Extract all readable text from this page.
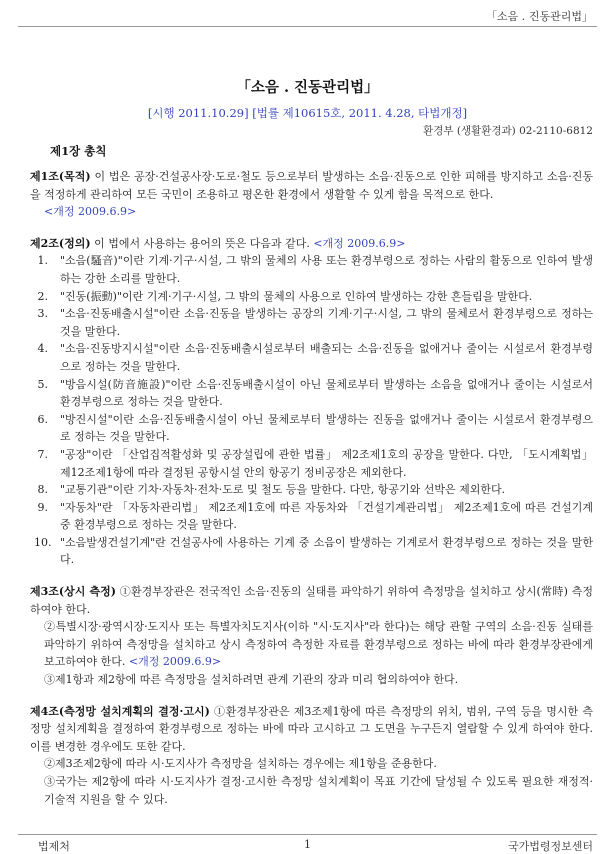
「소음 ․ 진동관리법」
「소음 ․ 진동관리법」
[시행 2011.10.29] [법률 제10615호, 2011. 4.28, 타법개정]
환경부 (생활환경과) 02-2110-6812
제1장 총칙
제1조(목적) 이 법은 공장·건설공사장·도로·철도 등으로부터 발생하는 소음·진동으로 인한 피해를 방지하고 소음·진동을 적정하게 관리하여 모든 국민이 조용하고 평온한 환경에서 생활할 수 있게 함을 목적으로 한다.
<개정 2009.6.9>
제2조(정의) 이 법에서 사용하는 용어의 뜻은 다음과 같다. <개정 2009.6.9>
1.	"소음(騷音)"이란 기계·기구·시설, 그 밖의 물체의 사용 또는 환경부령으로 정하는 사람의 활동으로 인하여 발생하는 강한 소리를 말한다.
2.	"진동(振動)"이란 기계·기구·시설, 그 밖의 물체의 사용으로 인하여 발생하는 강한 흔들림을 말한다.
3.	"소음·진동배출시설"이란 소음·진동을 발생하는 공장의 기계·기구·시설, 그 밖의 물체로서 환경부령으로 정하는 것을 말한다.
4.	"소음·진동방지시설"이란 소음·진동배출시설로부터 배출되는 소음·진동을 없애거나 줄이는 시설로서 환경부령으로 정하는 것을 말한다.
5.	"방음시설(防音施設)"이란 소음·진동배출시설이 아닌 물체로부터 발생하는 소음을 없애거나 줄이는 시설로서 환경부령으로 정하는 것을 말한다.
6.	"방진시설"이란 소음·진동배출시설이 아닌 물체로부터 발생하는 진동을 없애거나 줄이는 시설로서 환경부령으로 정하는 것을 말한다.
7.	"공장"이란 「산업집적활성화 및 공장설립에 관한 법률」 제2조제1호의 공장을 말한다. 다만, 「도시계획법」 제12조제1항에 따라 결정된 공항시설 안의 항공기 정비공장은 제외한다.
8.	"교통기관"이란 기차·자동차·전차·도로 및 철도 등을 말한다. 다만, 항공기와 선박은 제외한다.
9.	"자동차"란 「자동차관리법」 제2조제1호에 따른 자동차와 「건설기계관리법」 제2조제1호에 따른 건설기계 중 환경부령으로 정하는 것을 말한다.
10. "소음발생건설기계"란 건설공사에 사용하는 기계 중 소음이 발생하는 기계로서 환경부령으로 정하는 것을 말한다.
제3조(상시 측정) ①환경부장관은 전국적인 소음·진동의 실태를 파악하기 위하여 측정망을 설치하고 상시(常時) 측정하여야 한다.
②특별시장·광역시장·도지사 또는 특별자치도지사(이하 "시·도지사"라 한다)는 해당 관할 구역의 소음·진동 실태를 파악하기 위하여 측정망을 설치하고 상시 측정하여 측정한 자료를 환경부령으로 정하는 바에 따라 환경부장관에게 보고하여야 한다. <개정 2009.6.9>
③제1항과 제2항에 따른 측정망을 설치하려면 관계 기관의 장과 미리 협의하여야 한다.
제4조(측정망 설치계획의 결정·고시) ①환경부장관은 제3조제1항에 따른 측정망의 위치, 범위, 구역 등을 명시한 측정망 설치계획을 결정하여 환경부령으로 정하는 바에 따라 고시하고 그 도면을 누구든지 열람할 수 있게 하여야 한다. 이를 변경한 경우에도 또한 같다.
②제3조제2항에 따라 시·도지사가 측정망을 설치하는 경우에는 제1항을 준용한다.
③국가는 제2항에 따라 시·도지사가 결정·고시한 측정망 설치계획이 목표 기간에 달성될 수 있도록 필요한 재정적·기술적 지원을 할 수 있다.
법제처	1	국가법령정보센터
